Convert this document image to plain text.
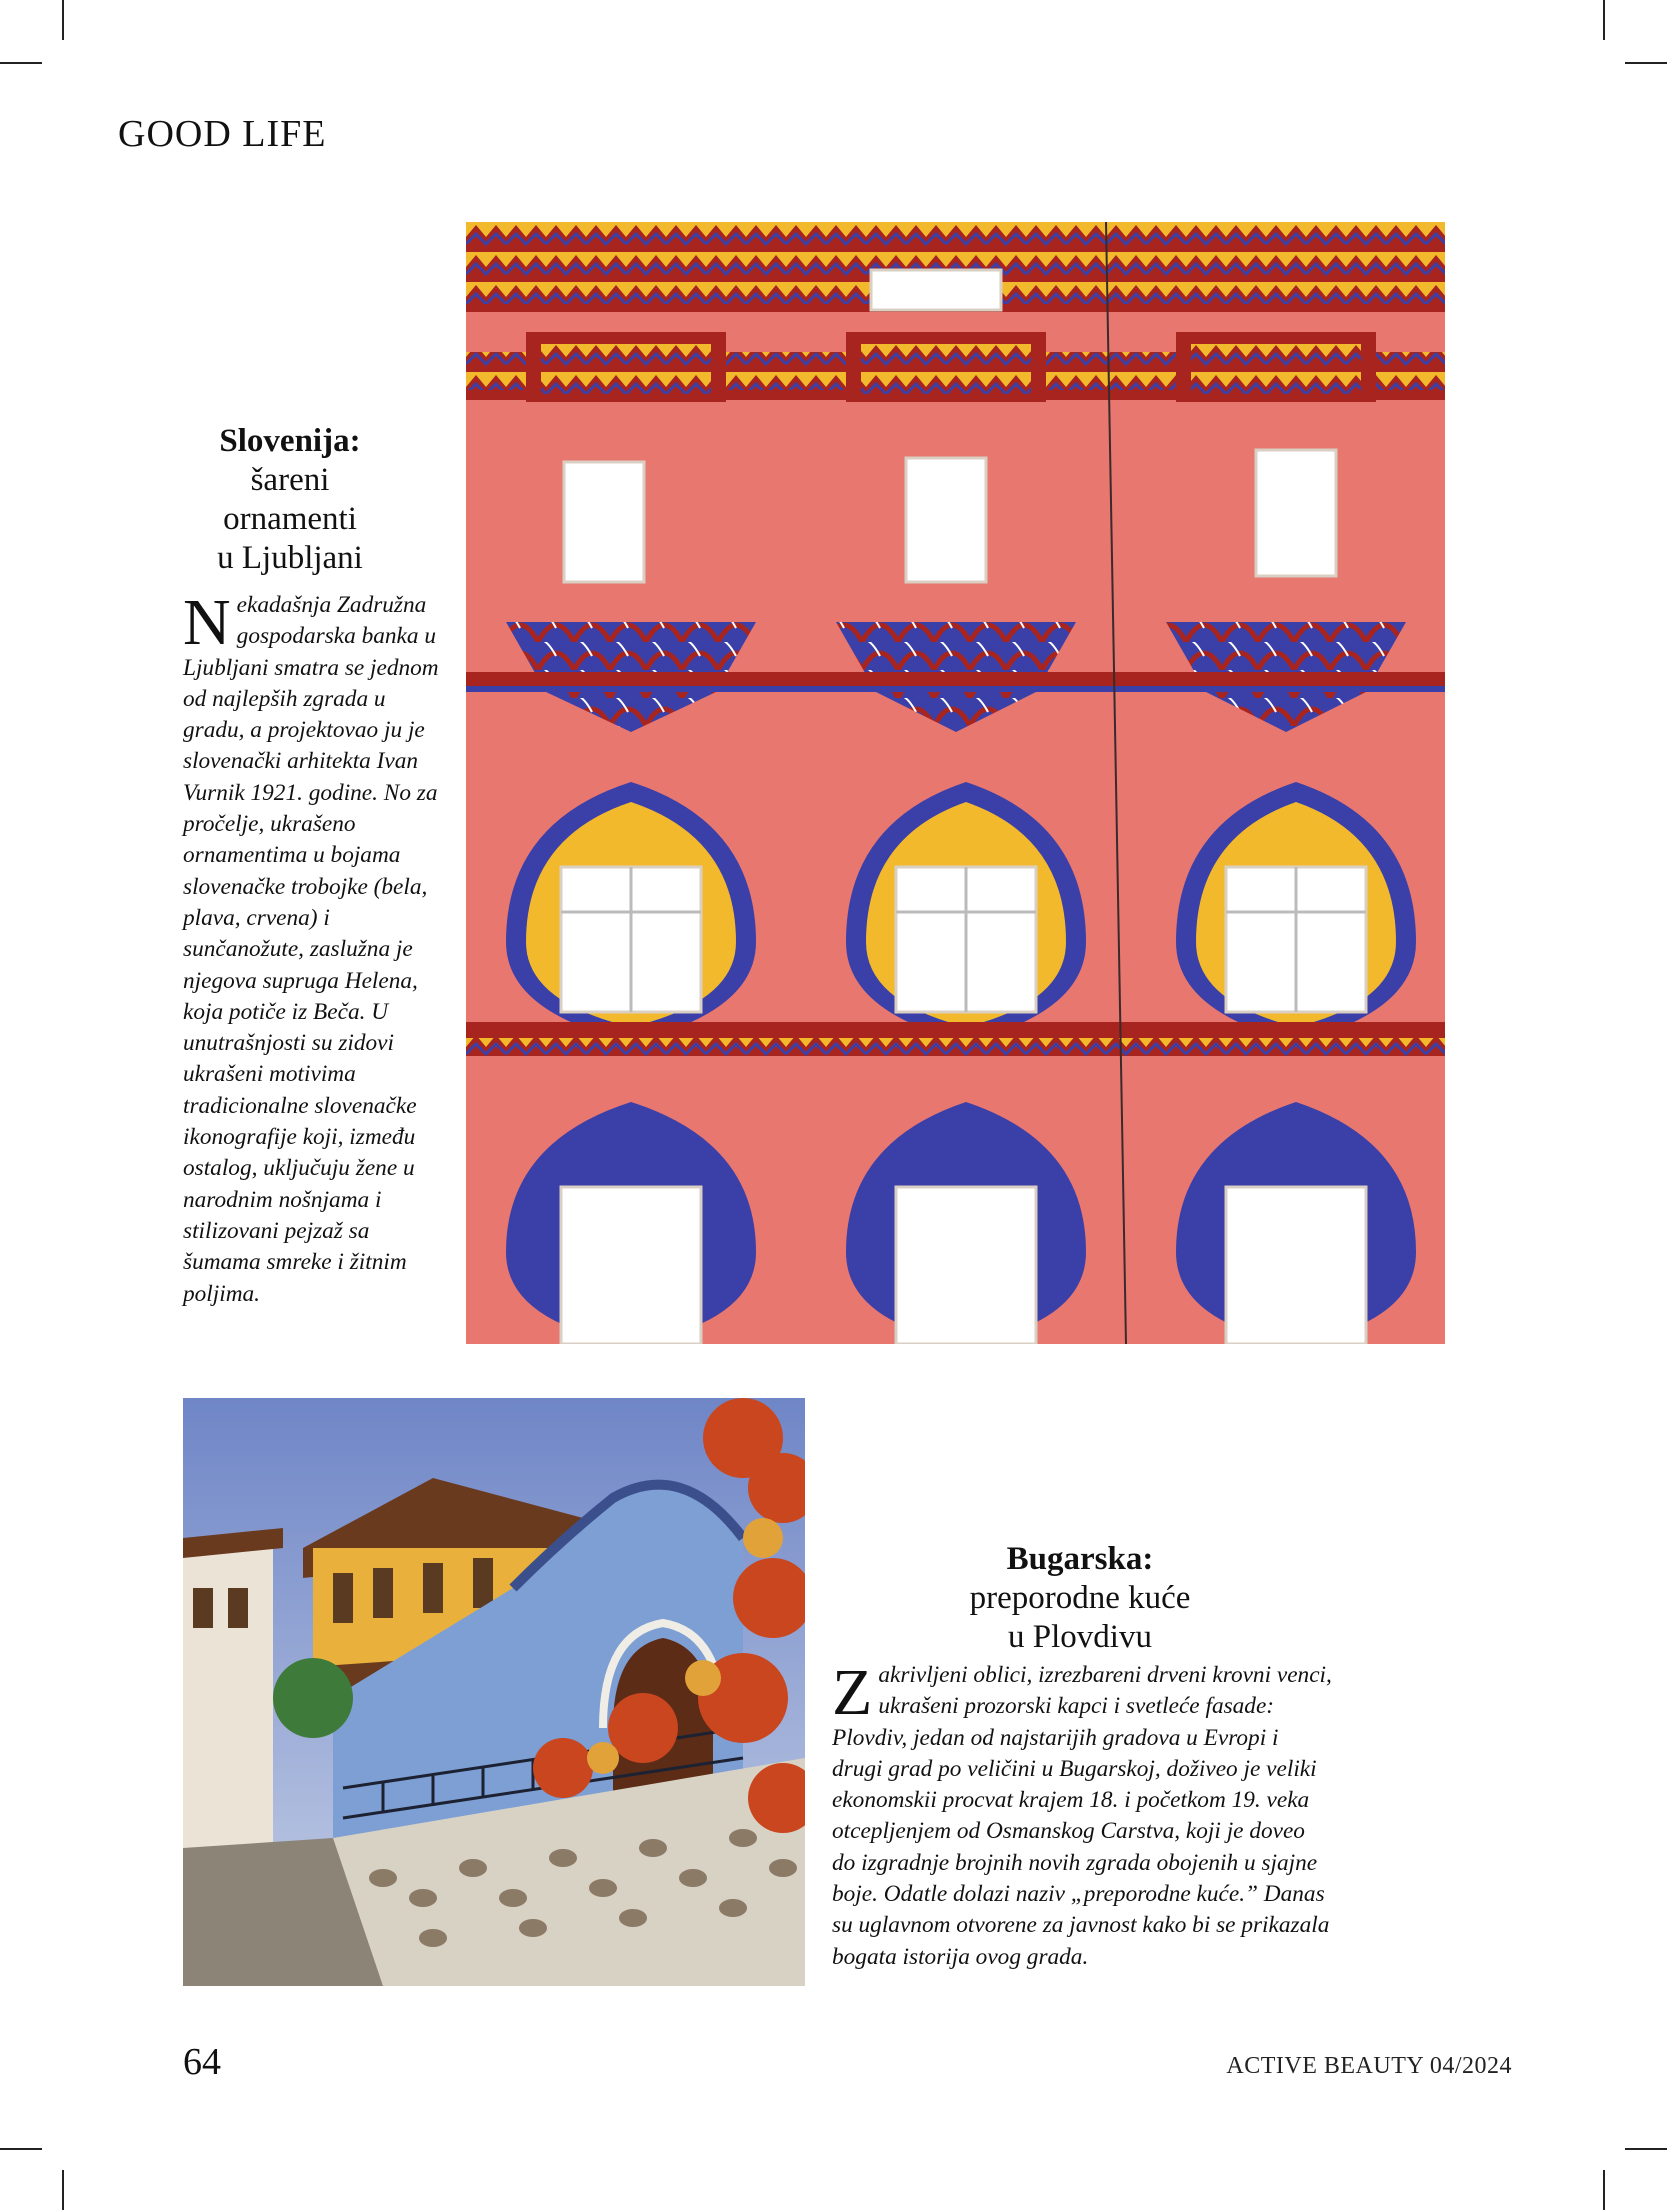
GOOD LIFE
Slovenija:
šareni
ornamenti
u Ljubljani
Nekadašnja Zadružna gospodarska banka u Ljubljani smatra se jednom od najlepših zgrada u gradu, a projektovao ju je slovenački arhitekta Ivan Vurnik 1921. godine. No za pročelje, ukrašeno ornamentima u bojama slovenačke trobojke (bela, plava, crvena) i sunčanožute, zaslužna je njegova supruga Helena, koja potiče iz Beča. U unutrašnjosti su zidovi ukrašeni motivima tradicionalne slovenačke ikonografije koji, između ostalog, uključuju žene u narodnim nošnjama i stilizovani pejzaž sa šumama smreke i žitnim poljima.
Bugarska:
preporodne kuće
u Plovdivu
Zakrivljeni oblici, izrezbareni drveni krovni venci, ukrašeni prozorski kapci i svetleće fasade: Plovdiv, jedan od najstarijih gradova u Evropi i drugi grad po veličini u Bugarskoj, doživeo je veliki ekonomskii procvat krajem 18. i početkom 19. veka otcepljenjem od Osmanskog Carstva, koji je doveo do izgradnje brojnih novih zgrada obojenih u sjajne boje. Odatle dolazi naziv „preporodne kuće.” Danas su uglavnom otvorene za javnost kako bi se prikazala bogata istorija ovog grada.
64	ACTIVE BEAUTY 04/2024
